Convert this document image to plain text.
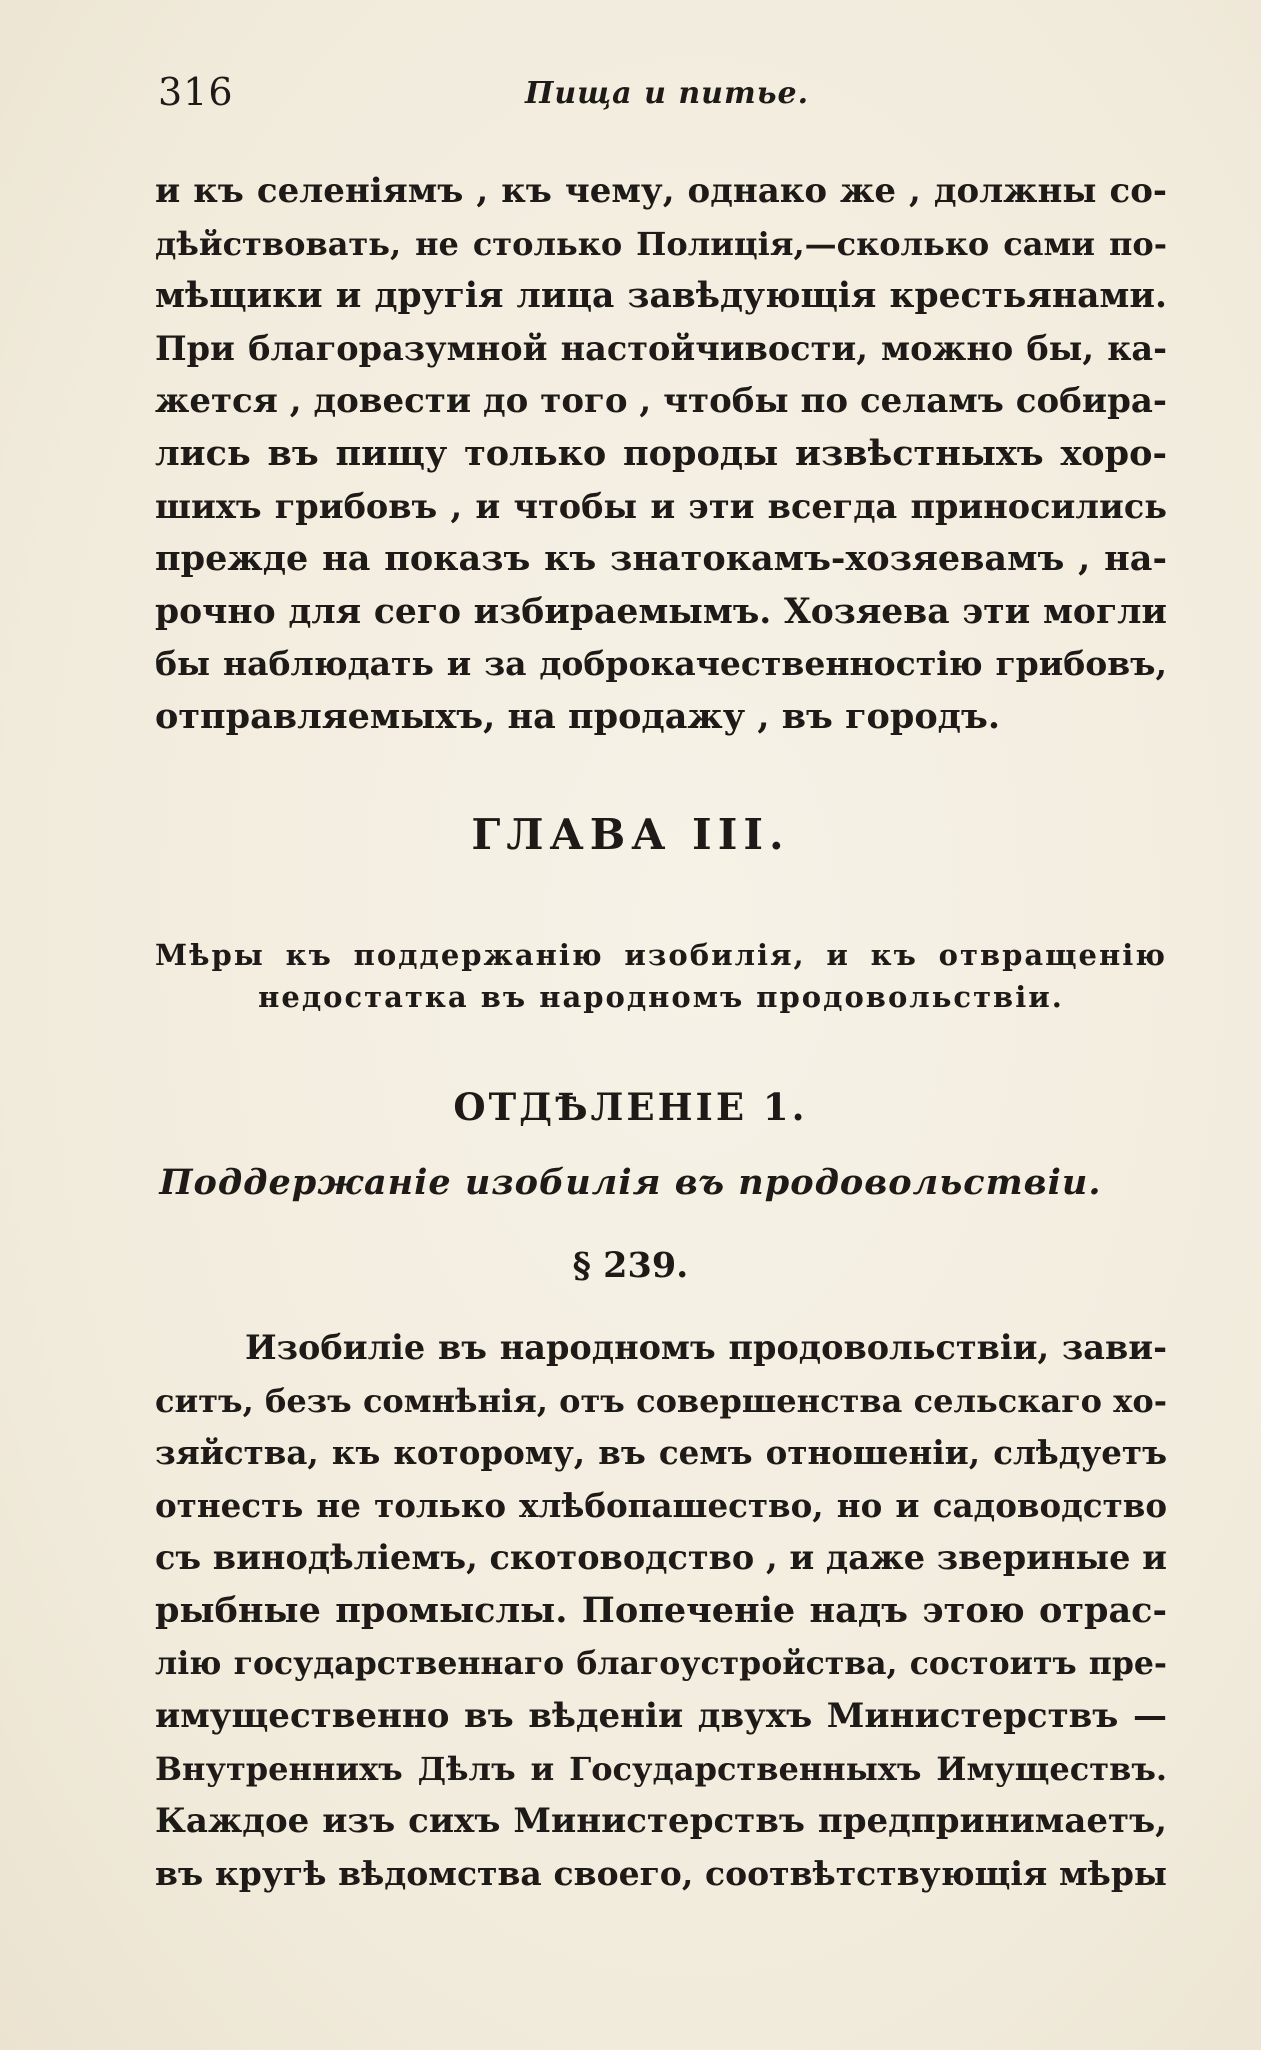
316	Пища и питье.
и къ селеніямъ , къ чему, однако же , должны со-
дѣйствовать, не столько Полиція,—сколько сами по-
мѣщики и другія лица завѣдующія крестьянами.
При благоразумной настойчивости, можно бы, ка-
жется , довести до того , чтобы по селамъ собира-
лись въ пищу только породы извѣстныхъ хоро-
шихъ грибовъ , и чтобы и эти всегда приносились
прежде на показъ къ знатокамъ-хозяевамъ , на-
рочно для сего избираемымъ. Хозяева эти могли
бы наблюдать и за доброкачественностію грибовъ,
отправляемыхъ, на продажу , въ городъ.
ГЛАВА III.
Мѣры къ поддержанію изобилія, и къ отвращенію
недостатка въ народномъ продовольствіи.
ОТДѢЛЕНІЕ 1.
Поддержаніе изобилія въ продовольствіи.
§ 239.
Изобиліе въ народномъ продовольствіи, зави-
ситъ, безъ сомнѣнія, отъ совершенства сельскаго хо-
зяйства, къ которому, въ семъ отношеніи, слѣдуетъ
отнесть не только хлѣбопашество, но и садоводство
съ винодѣліемъ, скотоводство , и даже звериные и
рыбные промыслы. Попеченіе надъ этою отрас-
лію государственнаго благоустройства, состоитъ пре-
имущественно въ вѣденіи двухъ Министерствъ —
Внутреннихъ Дѣлъ и Государственныхъ Имуществъ.
Каждое изъ сихъ Министерствъ предпринимаетъ,
въ кругѣ вѣдомства своего, соотвѣтствующія мѣры
